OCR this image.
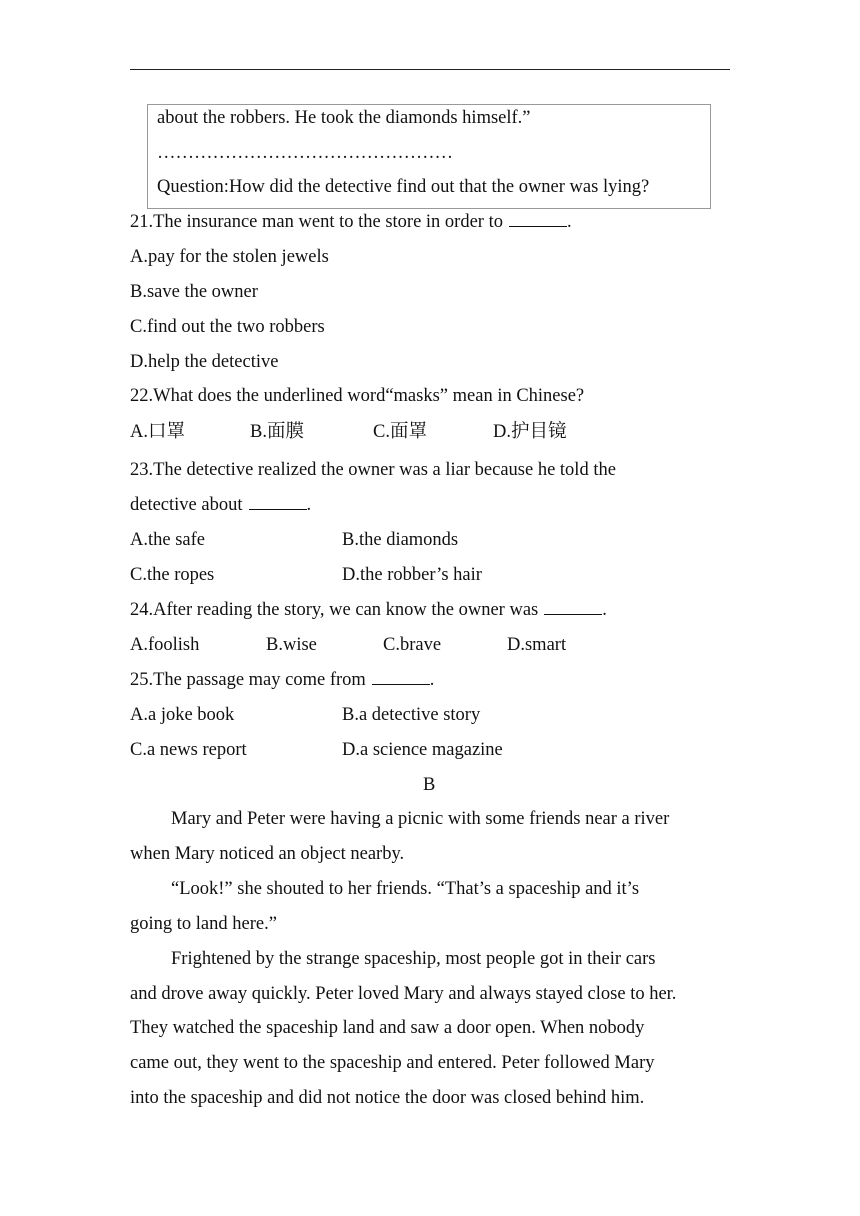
about the robbers. He took the diamonds himself.”
…………………………………………
Question:How did the detective find out that the owner was lying?
21.The insurance man went to the store in order to	.
A.pay for the stolen jewels
B.save the owner
C.find out the two robbers
D.help the detective
22.What does the underlined word“masks” mean in Chinese?
A.口罩	B.面膜	C.面罩	D.护目镜
23.The detective realized the owner was a liar because he told the
detective about	.
A.the safe	B.the diamonds
C.the ropes	D.the robber’s hair
24.After reading the story, we can know the owner was	.
A.foolish	B.wise	C.brave	D.smart
25.The passage may come from	.
A.a joke book	B.a detective story
C.a news report	D.a science magazine
B
Mary and Peter were having a picnic with some friends near a river
when Mary noticed an object nearby.
“Look!” she shouted to her friends. “That’s a spaceship and it’s
going to land here.”
Frightened by the strange spaceship, most people got in their cars
and drove away quickly. Peter loved Mary and always stayed close to her.
They watched the spaceship land and saw a door open. When nobody
came out, they went to the spaceship and entered. Peter followed Mary
into the spaceship and did not notice the door was closed behind him.
